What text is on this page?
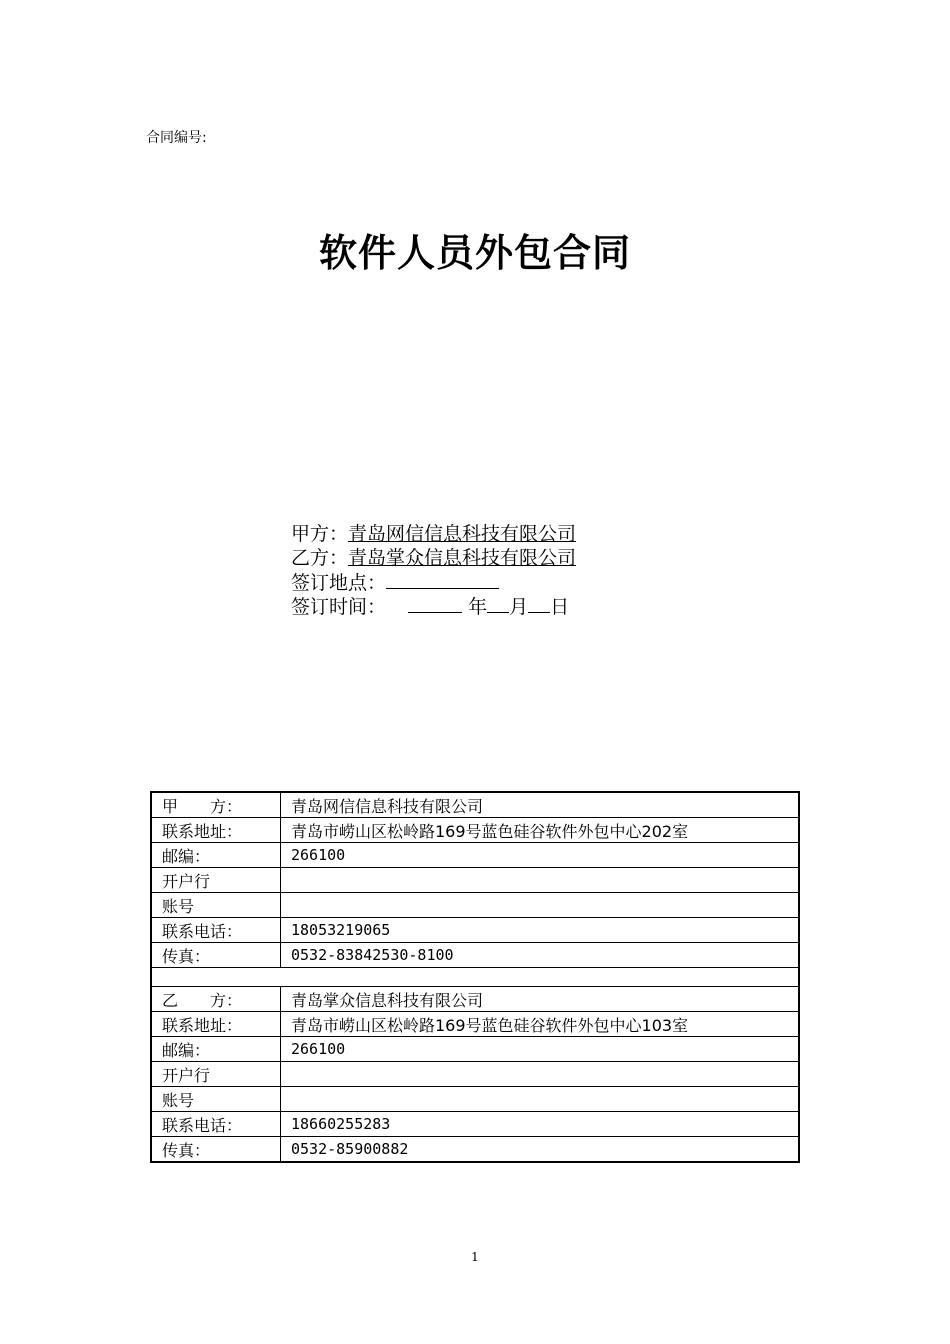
合同编号:
软件人员外包合同
甲方：青岛网信信息科技有限公司
乙方：青岛掌众信息科技有限公司
签订地点：
签订时间：	年 月 日
甲　　方：	青岛网信信息科技有限公司
联系地址：	青岛市崂山区松岭路169号蓝色硅谷软件外包中心202室
邮编：	266100
开户行	
账号	
联系电话：	18053219065
传真：	0532-83842530-8100

乙　　方：	青岛掌众信息科技有限公司
联系地址：	青岛市崂山区松岭路169号蓝色硅谷软件外包中心103室
邮编：	266100
开户行	
账号	
联系电话：	18660255283
传真：	0532-85900882
1
